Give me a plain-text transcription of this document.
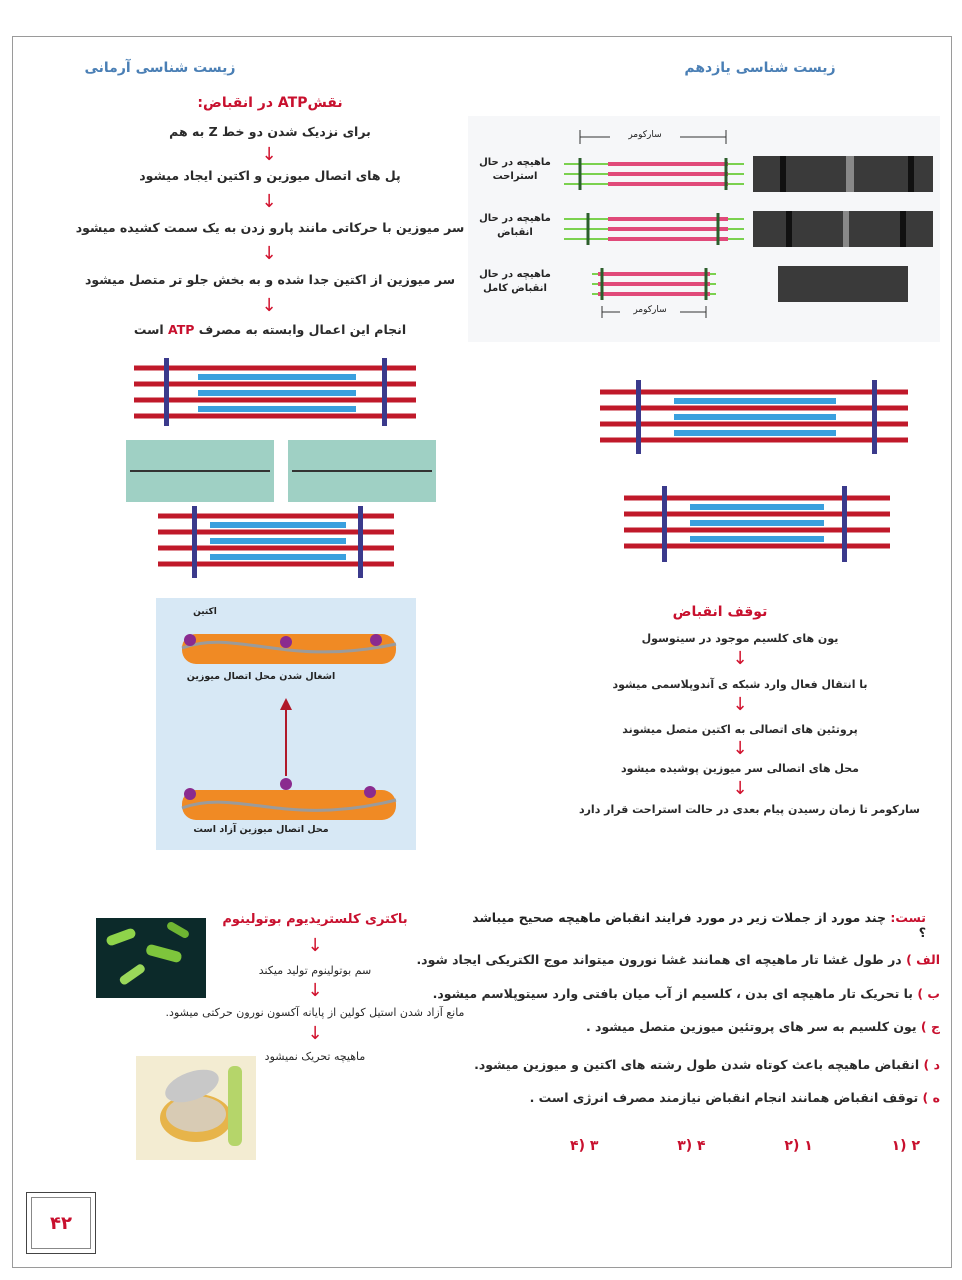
زیست شناسی آرمانی	زیست شناسی یازدهم
نقشATP در انقباض:
برای نزدیک شدن دو خط Z به هم
↓
پل های اتصال میوزین و اکتین ایجاد میشود
↓
سر میوزین با حرکاتی مانند پارو زدن به یک سمت کشیده میشود
↓
سر میوزین از اکتین جدا شده و به بخش جلو تر متصل میشود
↓
انجام این اعمال وابسته به مصرف ATP است
سارکومر
سارکومر
ماهیچه در حال استراحت
ماهیچه در حال انقباض
ماهیچه در حال انقباض کامل
اکتین
اشغال شدن محل اتصال میوزین
محل اتصال میوزین آزاد است
توقف انقباض
یون های کلسیم موجود در سیتوسول
↓
با انتقال فعال وارد شبکه ی آندوپلاسمی میشود
↓
پروتئین های اتصالی به اکتین متصل میشوند
↓
محل های اتصالی سر میوزین پوشیده میشود
↓
سارکومر تا زمان رسیدن پیام بعدی در حالت استراحت قرار دارد
باکتری کلستریدیوم بوتولینوم
↓
سم بوتولینوم تولید میکند
↓
مانع آزاد شدن استیل کولین از پایانه آکسون نورون حرکتی میشود.
↓
ماهیچه تحریک نمیشود
تست: چند مورد از جملات زیر در مورد فرایند انقباض ماهیچه صحیح میباشد ؟
الف ) در طول غشا تار ماهیچه ای همانند غشا نورون میتواند موج الکتریکی ایجاد شود.
ب ) با تحریک تار ماهیچه ای بدن ، کلسیم از آب میان بافتی وارد سیتوپلاسم میشود.
ج ) یون کلسیم به سر های پروتئین میوزین متصل میشود .
د ) انقباض ماهیچه باعث کوتاه شدن طول رشته های اکتین و میوزین میشود.
ه ) توقف انقباض همانند انجام انقباض نیازمند مصرف انرژی است .
۲ (۱
۱ (۲
۴ (۳
۳ (۴
۴۲
